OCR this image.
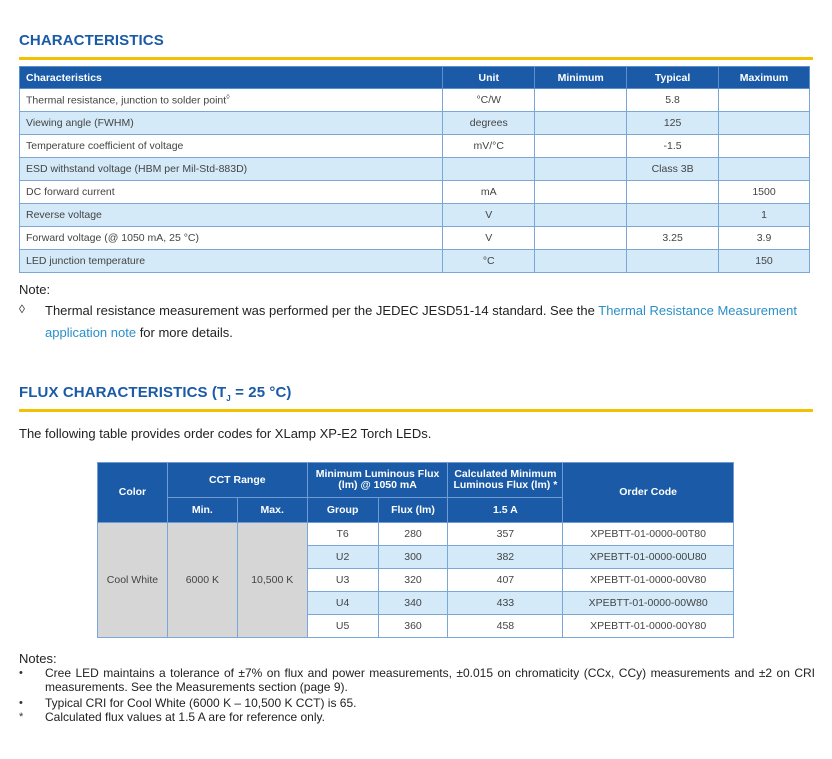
CHARACTERISTICS
Characteristics	Unit	Minimum	Typical	Maximum
Thermal resistance, junction to solder point◊	°C/W		5.8	
Viewing angle (FWHM)	degrees		125	
Temperature coefficient of voltage	mV/°C		-1.5	
ESD withstand voltage (HBM per Mil-Std-883D)			Class 3B	
DC forward current	mA			1500
Reverse voltage	V			1
Forward voltage (@ 1050 mA, 25 °C)	V		3.25	3.9
LED junction temperature	°C			150
Note:
◊ Thermal resistance measurement was performed per the JEDEC JESD51-14 standard. See the Thermal Resistance Measurement application note for more details.
FLUX CHARACTERISTICS ($T_J = 25$ °C)
The following table provides order codes for XLamp XP-E2 Torch LEDs.
Color	CCT Range		Minimum Luminous Flux (lm) @ 1050 mA		Calculated Minimum Luminous Flux (lm) *	Order Code
	Min.	Max.	Group	Flux (lm)	1.5 A	
Cool White	6000 K	10,500 K	T6	280	357	XPEBTT-01-0000-00T80
			U2	300	382	XPEBTT-01-0000-00U80
			U3	320	407	XPEBTT-01-0000-00V80
			U4	340	433	XPEBTT-01-0000-00W80
			U5	360	458	XPEBTT-01-0000-00Y80
Notes:
• Cree LED maintains a tolerance of ±7% on flux and power measurements, ±0.015 on chromaticity (CCx, CCy) measurements and ±2 on CRI measurements. See the Measurements section (page 9).
• Typical CRI for Cool White (6000 K – 10,500 K CCT) is 65.
* Calculated flux values at 1.5 A are for reference only.
